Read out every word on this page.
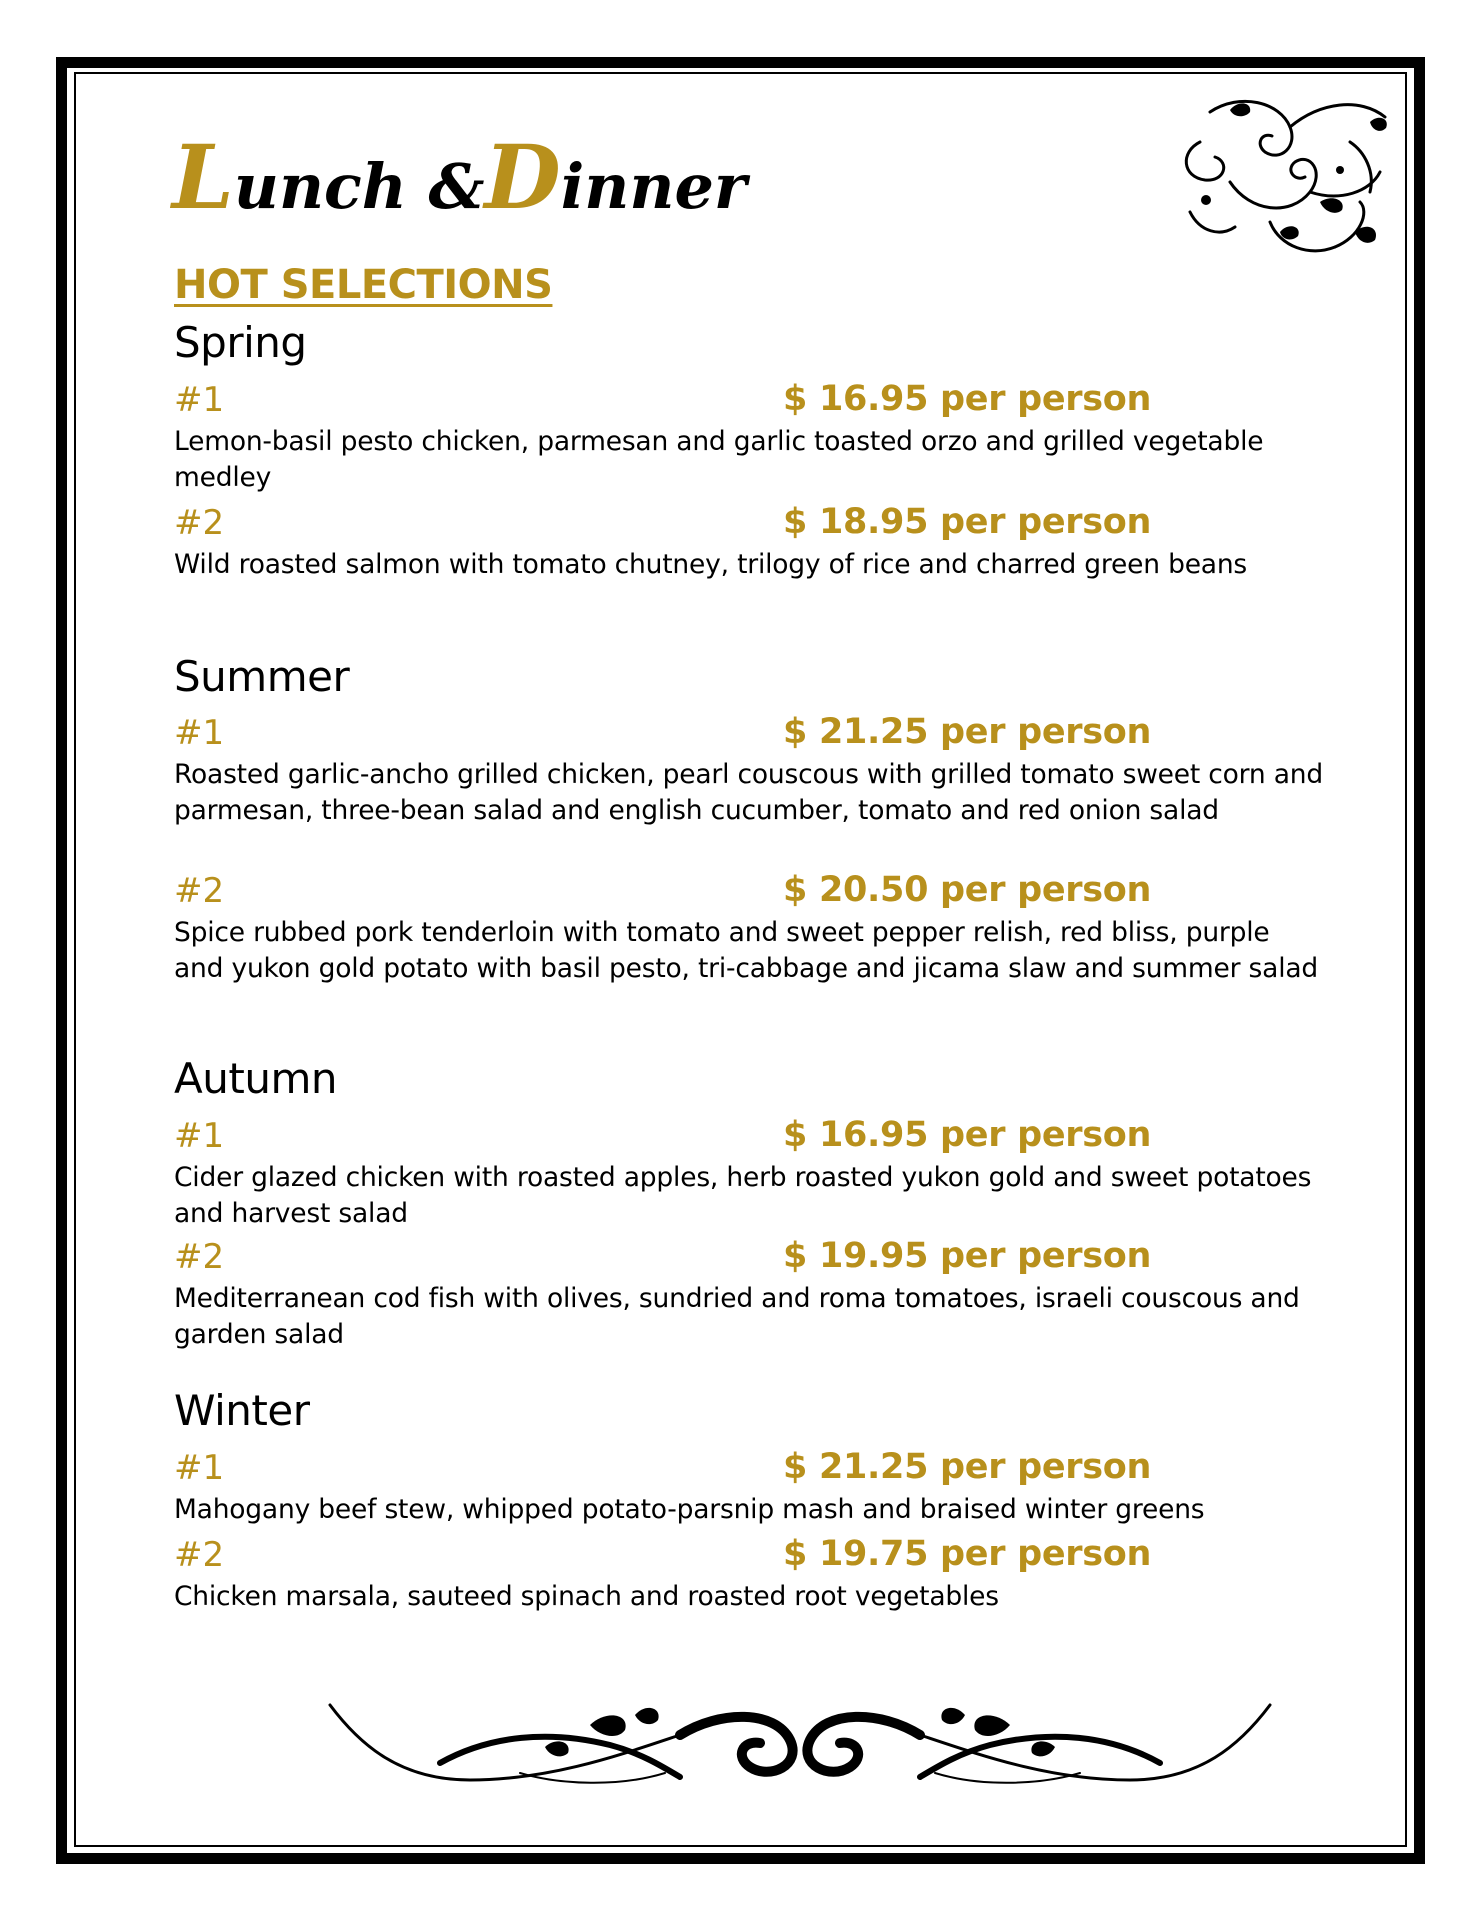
Lunch &Dinner
HOT SELECTIONS
Spring
#1	$ 16.95 per person

Lemon-basil pesto chicken, parmesan and garlic toasted orzo and grilled vegetable medley

#2	$ 18.95 per person

Wild roasted salmon with tomato chutney, trilogy of rice and charred green beans

Summer
#1	$ 21.25 per person

Roasted garlic-ancho grilled chicken, pearl couscous with grilled tomato sweet corn and parmesan, three-bean salad and english cucumber, tomato and red onion salad

#2	$ 20.50 per person

Spice rubbed pork tenderloin with tomato and sweet pepper relish, red bliss, purple and yukon gold potato with basil pesto, tri-cabbage and jicama slaw and summer salad

Autumn
#1	$ 16.95 per person

Cider glazed chicken with roasted apples, herb roasted yukon gold and sweet potatoes and harvest salad

#2	$ 19.95 per person

Mediterranean cod fish with olives, sundried and roma tomatoes, israeli couscous and garden salad

Winter
#1	$ 21.25 per person

Mahogany beef stew, whipped potato-parsnip mash and braised winter greens

#2	$ 19.75 per person

Chicken marsala, sauteed spinach and roasted root vegetables
